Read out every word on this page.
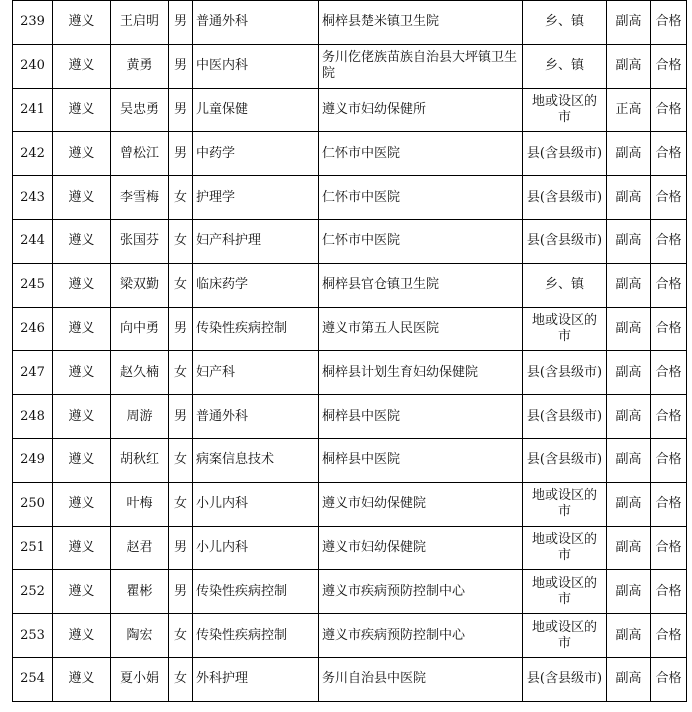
239	遵义	王启明	男	普通外科	桐梓县楚米镇卫生院	乡、镇	副高	合格
240	遵义	黄勇	男	中医内科	务川仡佬族苗族自治县大坪镇卫生院	乡、镇	副高	合格
241	遵义	吴忠勇	男	儿童保健	遵义市妇幼保健所	地或设区的市	正高	合格
242	遵义	曾松江	男	中药学	仁怀市中医院	县(含县级市)	副高	合格
243	遵义	李雪梅	女	护理学	仁怀市中医院	县(含县级市)	副高	合格
244	遵义	张国芬	女	妇产科护理	仁怀市中医院	县(含县级市)	副高	合格
245	遵义	梁双勤	女	临床药学	桐梓县官仓镇卫生院	乡、镇	副高	合格
246	遵义	向中勇	男	传染性疾病控制	遵义市第五人民医院	地或设区的市	副高	合格
247	遵义	赵久楠	女	妇产科	桐梓县计划生育妇幼保健院	县(含县级市)	副高	合格
248	遵义	周游	男	普通外科	桐梓县中医院	县(含县级市)	副高	合格
249	遵义	胡秋红	女	病案信息技术	桐梓县中医院	县(含县级市)	副高	合格
250	遵义	叶梅	女	小儿内科	遵义市妇幼保健院	地或设区的市	副高	合格
251	遵义	赵君	男	小儿内科	遵义市妇幼保健院	地或设区的市	副高	合格
252	遵义	瞿彬	男	传染性疾病控制	遵义市疾病预防控制中心	地或设区的市	副高	合格
253	遵义	陶宏	女	传染性疾病控制	遵义市疾病预防控制中心	地或设区的市	副高	合格
254	遵义	夏小娟	女	外科护理	务川自治县中医院	县(含县级市)	副高	合格
